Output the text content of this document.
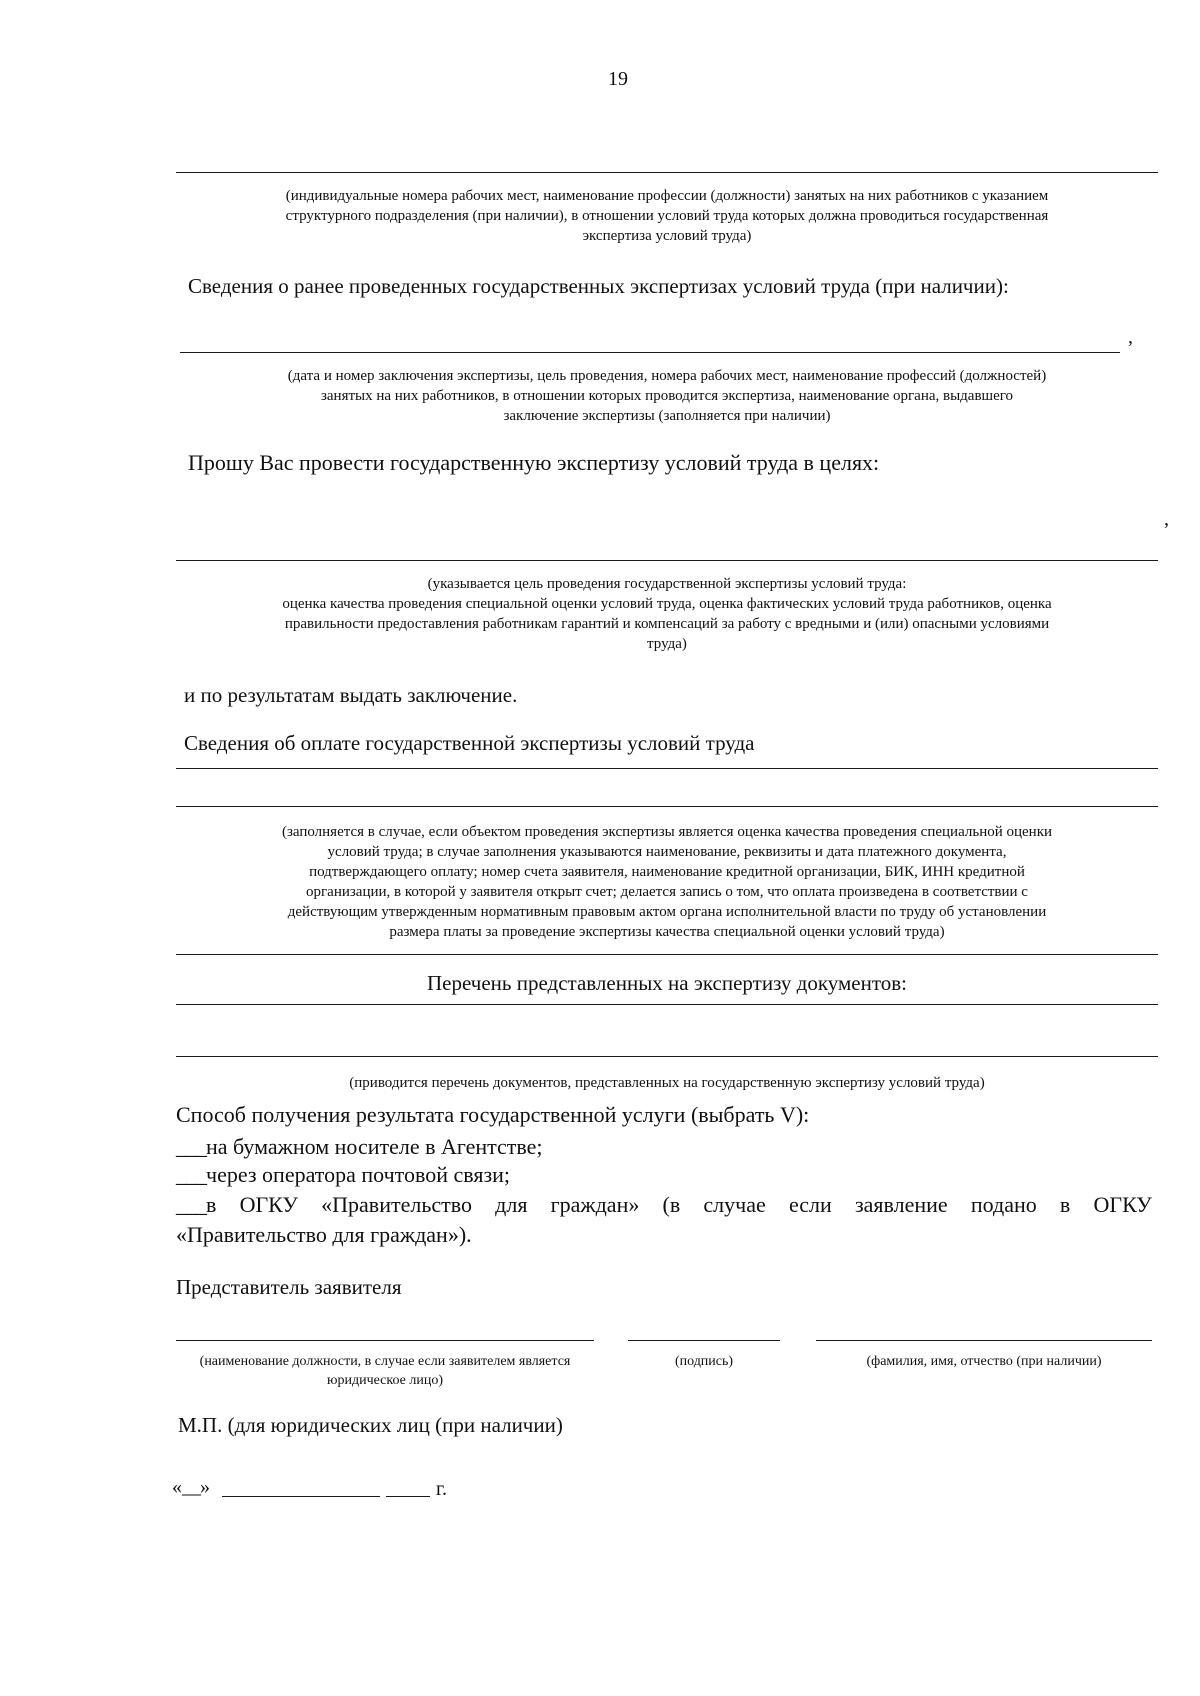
19

(индивидуальные номера рабочих мест, наименование профессии (должности) занятых на них работников с указанием

структурного подразделения (при наличии), в отношении условий труда которых должна проводиться государственная

экспертиза условий труда)

Сведения о ранее проведенных государственных экспертизах условий труда (при наличии):
,

(дата и номер заключения экспертизы, цель проведения, номера рабочих мест, наименование профессий (должностей)

занятых на них работников, в отношении которых проводится экспертиза, наименование органа, выдавшего

заключение экспертизы (заполняется при наличии)

Прошу Вас провести государственную экспертизу условий труда в целях:
,

(указывается цель проведения государственной экспертизы условий труда:

оценка качества проведения специальной оценки условий труда, оценка фактических условий труда работников, оценка

правильности предоставления работникам гарантий и компенсаций за работу с вредными и (или) опасными условиями

труда)

и по результатам выдать заключение.
Сведения об оплате государственной экспертизы условий труда

(заполняется в случае, если объектом проведения экспертизы является оценка качества проведения специальной оценки

условий труда; в случае заполнения указываются наименование, реквизиты и дата платежного документа,

подтверждающего оплату; номер счета заявителя, наименование кредитной организации, БИК, ИНН кредитной

организации, в которой у заявителя открыт счет; делается запись о том, что оплата произведена в соответствии с

действующим утвержденным нормативным правовым актом органа исполнительной власти по труду об установлении

размера платы за проведение экспертизы качества специальной оценки условий труда)

Перечень представленных на экспертизу документов:
(приводится перечень документов, представленных на государственную экспертизу условий труда)
Способ получения результата государственной услуги (выбрать V):
___на бумажном носителе в Агентстве;
___через оператора почтовой связи;
___в ОГКУ «Правительство для граждан» (в случае если заявление подано в ОГКУ
«Правительство для граждан»).
Представитель заявителя
(наименование должности, в случае если заявителем является юридическое лицо)
(подпись)	(фамилия, имя, отчество (при наличии)
М.П. (для юридических лиц (при наличии)
«__»	г.
